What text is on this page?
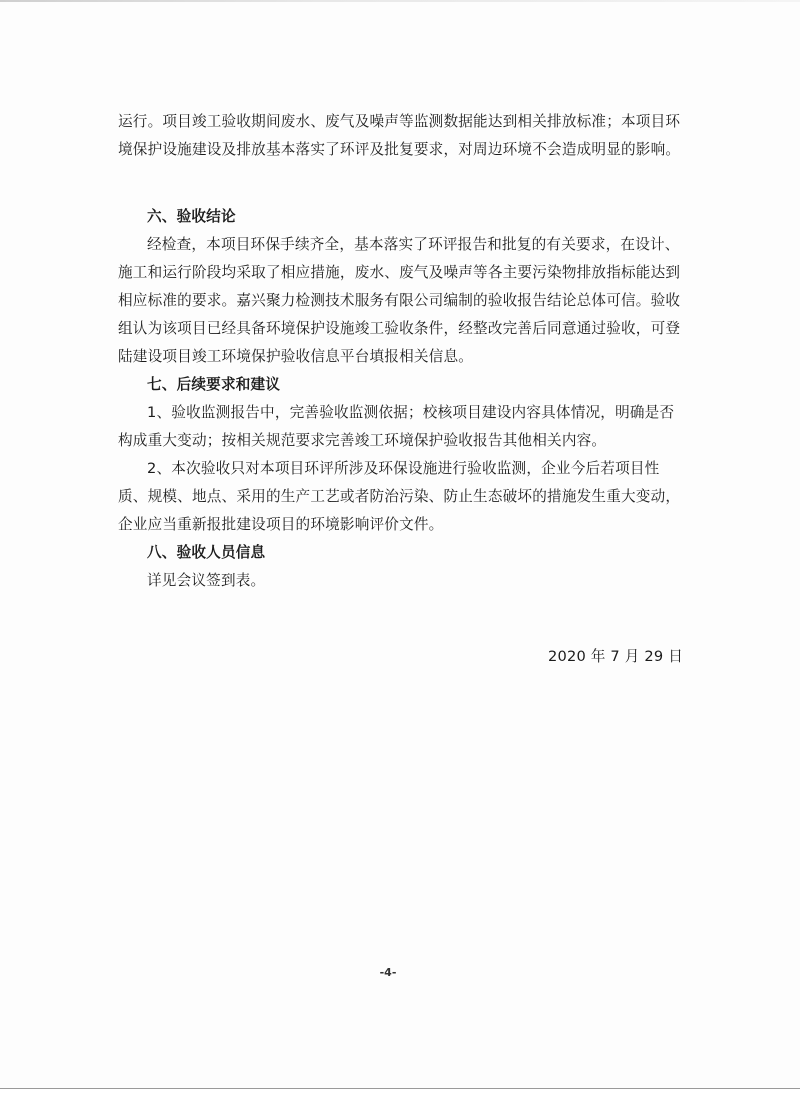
运行。项目竣工验收期间废水、废气及噪声等监测数据能达到相关排放标准；本项目环境保护设施建设及排放基本落实了环评及批复要求，对周边环境不会造成明显的影响。

六、验收结论

经检查，本项目环保手续齐全，基本落实了环评报告和批复的有关要求，在设计、施工和运行阶段均采取了相应措施，废水、废气及噪声等各主要污染物排放指标能达到相应标准的要求。嘉兴聚力检测技术服务有限公司编制的验收报告结论总体可信。验收组认为该项目已经具备环境保护设施竣工验收条件，经整改完善后同意通过验收，可登陆建设项目竣工环境保护验收信息平台填报相关信息。

七、后续要求和建议

1、验收监测报告中，完善验收监测依据；校核项目建设内容具体情况，明确是否构成重大变动；按相关规范要求完善竣工环境保护验收报告其他相关内容。

2、本次验收只对本项目环评所涉及环保设施进行验收监测，企业今后若项目性质、规模、地点、采用的生产工艺或者防治污染、防止生态破坏的措施发生重大变动，企业应当重新报批建设项目的环境影响评价文件。

八、验收人员信息

详见会议签到表。

2020 年 7 月 29 日
-4-
